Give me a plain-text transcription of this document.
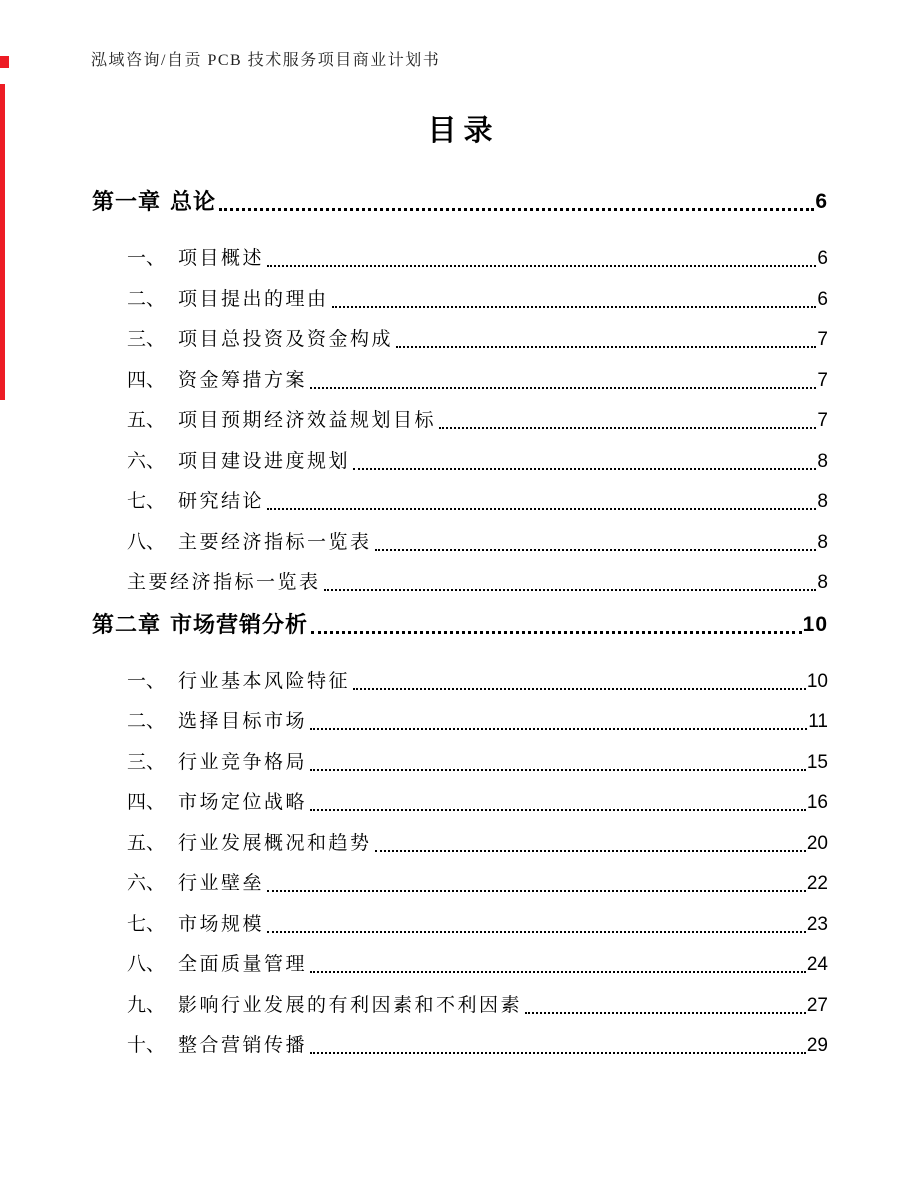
泓域咨询/自贡 PCB 技术服务项目商业计划书
目录
第一章 总论	6
一、 项目概述	6
二、 项目提出的理由	6
三、 项目总投资及资金构成	7
四、 资金筹措方案	7
五、 项目预期经济效益规划目标	7
六、 项目建设进度规划	8
七、 研究结论	8
八、 主要经济指标一览表	8
主要经济指标一览表	8
第二章 市场营销分析	10
一、 行业基本风险特征	10
二、 选择目标市场	11
三、 行业竞争格局	15
四、 市场定位战略	16
五、 行业发展概况和趋势	20
六、 行业壁垒	22
七、 市场规模	23
八、 全面质量管理	24
九、 影响行业发展的有利因素和不利因素	27
十、 整合营销传播	29
